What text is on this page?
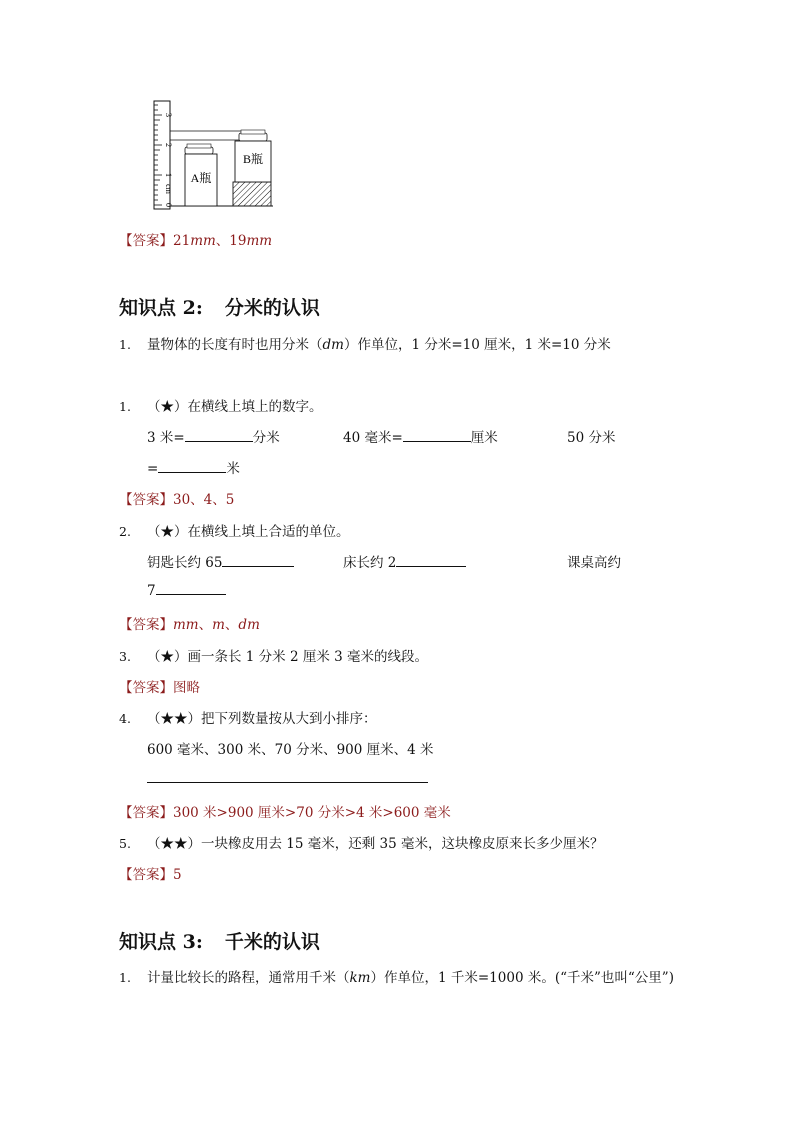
0
1
cm
2
3
A瓶
B瓶
【答案】21mm、19mm
知识点 2: 分米的认识
1. 量物体的长度有时也用分米（dm）作单位，1 分米=10 厘米，1 米=10 分米
1. （★）在横线上填上的数字。
3 米=	分米	40 毫米=	厘米	50 分米
=	米
【答案】30、4、5
2. （★）在横线上填上合适的单位。
钥匙长约 65	床长约 2	课桌高约
7
【答案】mm、m、dm
3. （★）画一条长 1 分米 2 厘米 3 毫米的线段。
【答案】图略
4. （★★）把下列数量按从大到小排序：
600 毫米、300 米、70 分米、900 厘米、4 米
【答案】300 米>900 厘米>70 分米>4 米>600 毫米
5. （★★）一块橡皮用去 15 毫米，还剩 35 毫米，这块橡皮原来长多少厘米？
【答案】5
知识点 3: 千米的认识
1. 计量比较长的路程，通常用千米（km）作单位，1 千米=1000 米。(“千米”也叫“公里”)
